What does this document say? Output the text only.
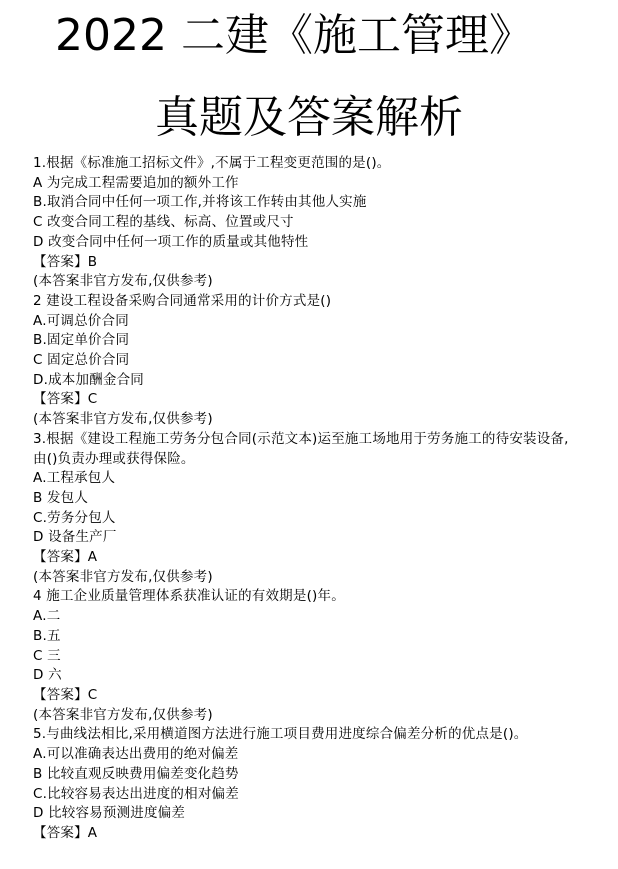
2022 二建《施工管理》
真题及答案解析
1.根据《标准施工招标文件》,不属于工程变更范围的是()。
A 为完成工程需要追加的额外工作
B.取消合同中任何一项工作,并将该工作转由其他人实施
C 改变合同工程的基线、标高、位置或尺寸
D 改变合同中任何一项工作的质量或其他特性
【答案】B
(本答案非官方发布,仅供参考)
2 建设工程设备采购合同通常采用的计价方式是()
A.可调总价合同
B.固定单价合同
C 固定总价合同
D.成本加酬金合同
【答案】C
(本答案非官方发布,仅供参考)
3.根据《建设工程施工劳务分包合同(示范文本)运至施工场地用于劳务施工的待安装设备,由()负责办理或获得保险。
A.工程承包人
B 发包人
C.劳务分包人
D 设备生产厂
【答案】A
(本答案非官方发布,仅供参考)
4 施工企业质量管理体系获准认证的有效期是()年。
A.二
B.五
C 三
D 六
【答案】C
(本答案非官方发布,仅供参考)
5.与曲线法相比,采用横道图方法进行施工项目费用进度综合偏差分析的优点是()。
A.可以准确表达出费用的绝对偏差
B 比较直观反映费用偏差变化趋势
C.比较容易表达出进度的相对偏差
D 比较容易预测进度偏差
【答案】A
